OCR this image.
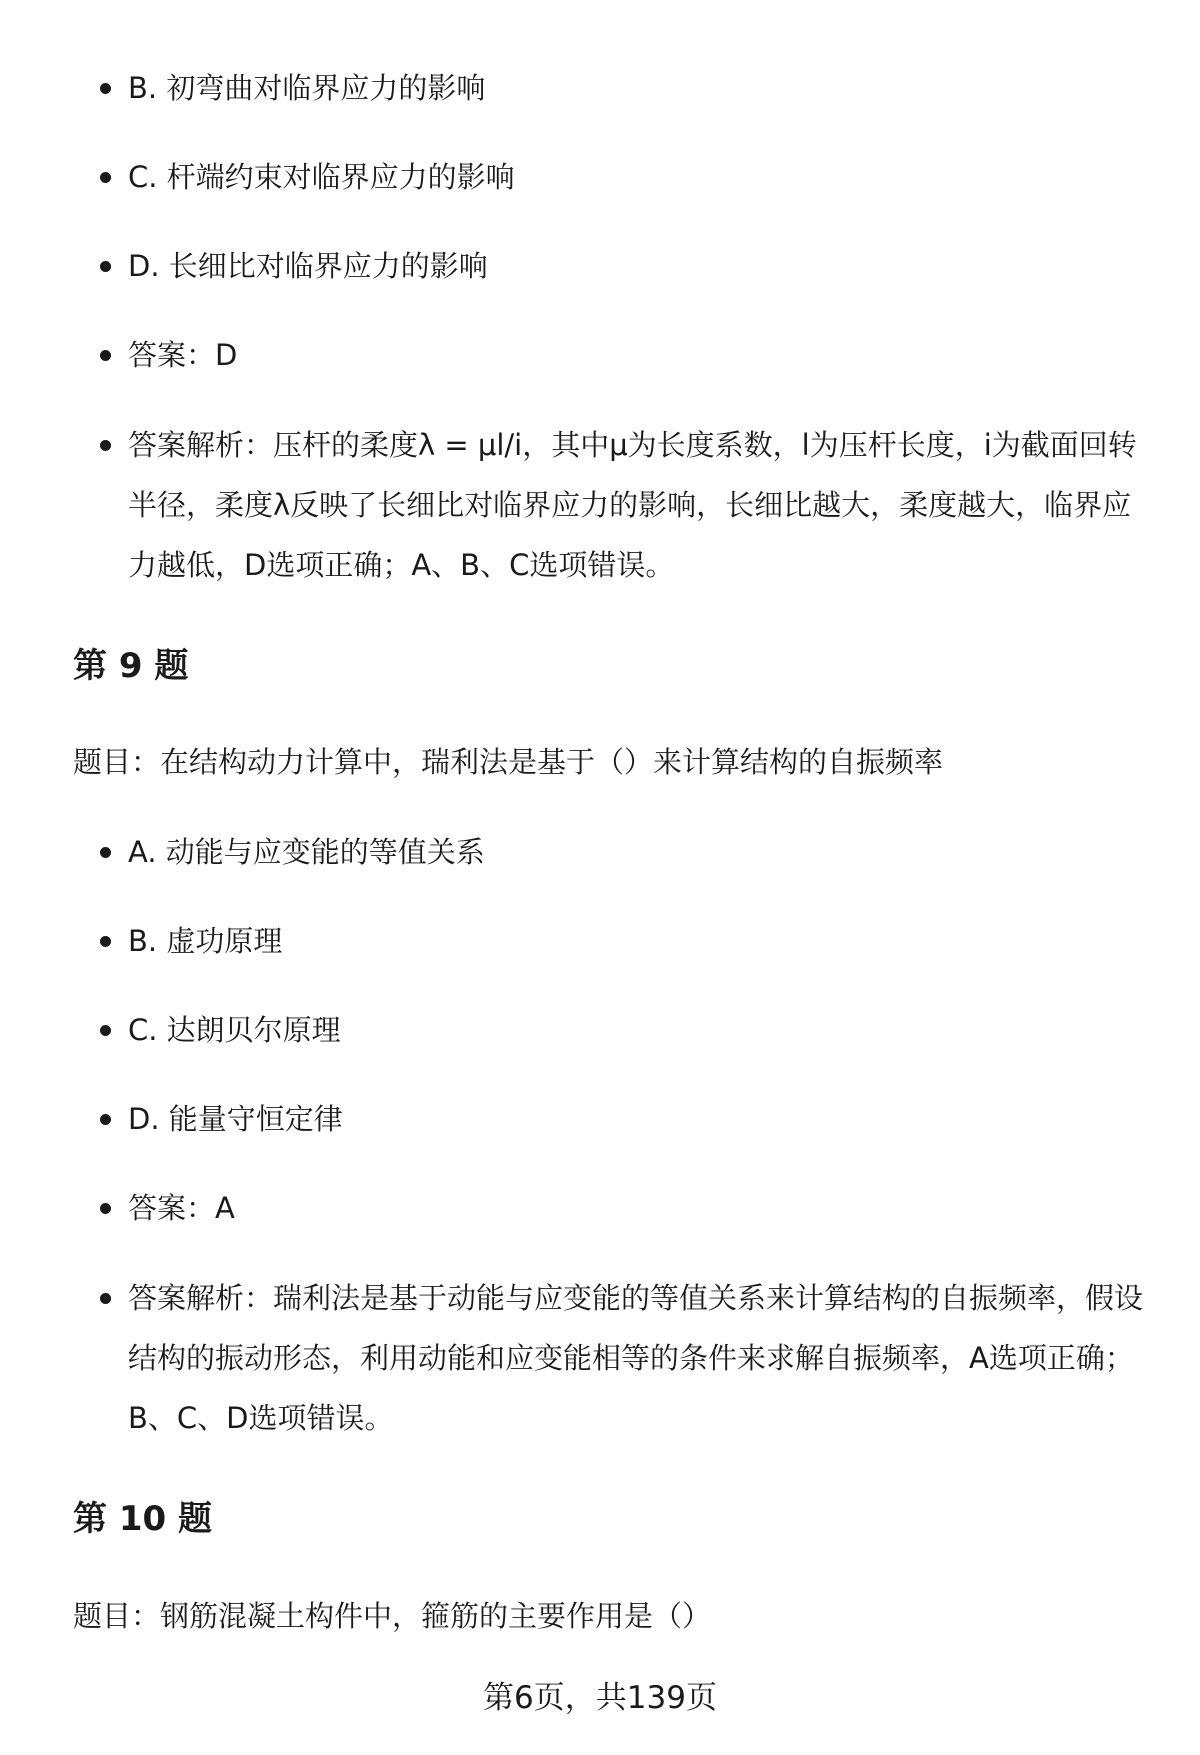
B. 初弯曲对临界应力的影响
C. 杆端约束对临界应力的影响
D. 长细比对临界应力的影响
答案：D
答案解析：压杆的柔度λ = μl/i，其中μ为长度系数，l为压杆长度，i为截面回转半径，柔度λ反映了长细比对临界应力的影响，长细比越大，柔度越大，临界应力越低，D选项正确；A、B、C选项错误。
第 9 题
题目：在结构动力计算中，瑞利法是基于（）来计算结构的自振频率
A. 动能与应变能的等值关系
B. 虚功原理
C. 达朗贝尔原理
D. 能量守恒定律
答案：A
答案解析：瑞利法是基于动能与应变能的等值关系来计算结构的自振频率，假设结构的振动形态，利用动能和应变能相等的条件来求解自振频率，A选项正确；B、C、D选项错误。
第 10 题
题目：钢筋混凝土构件中，箍筋的主要作用是（）
第6页，共139页
